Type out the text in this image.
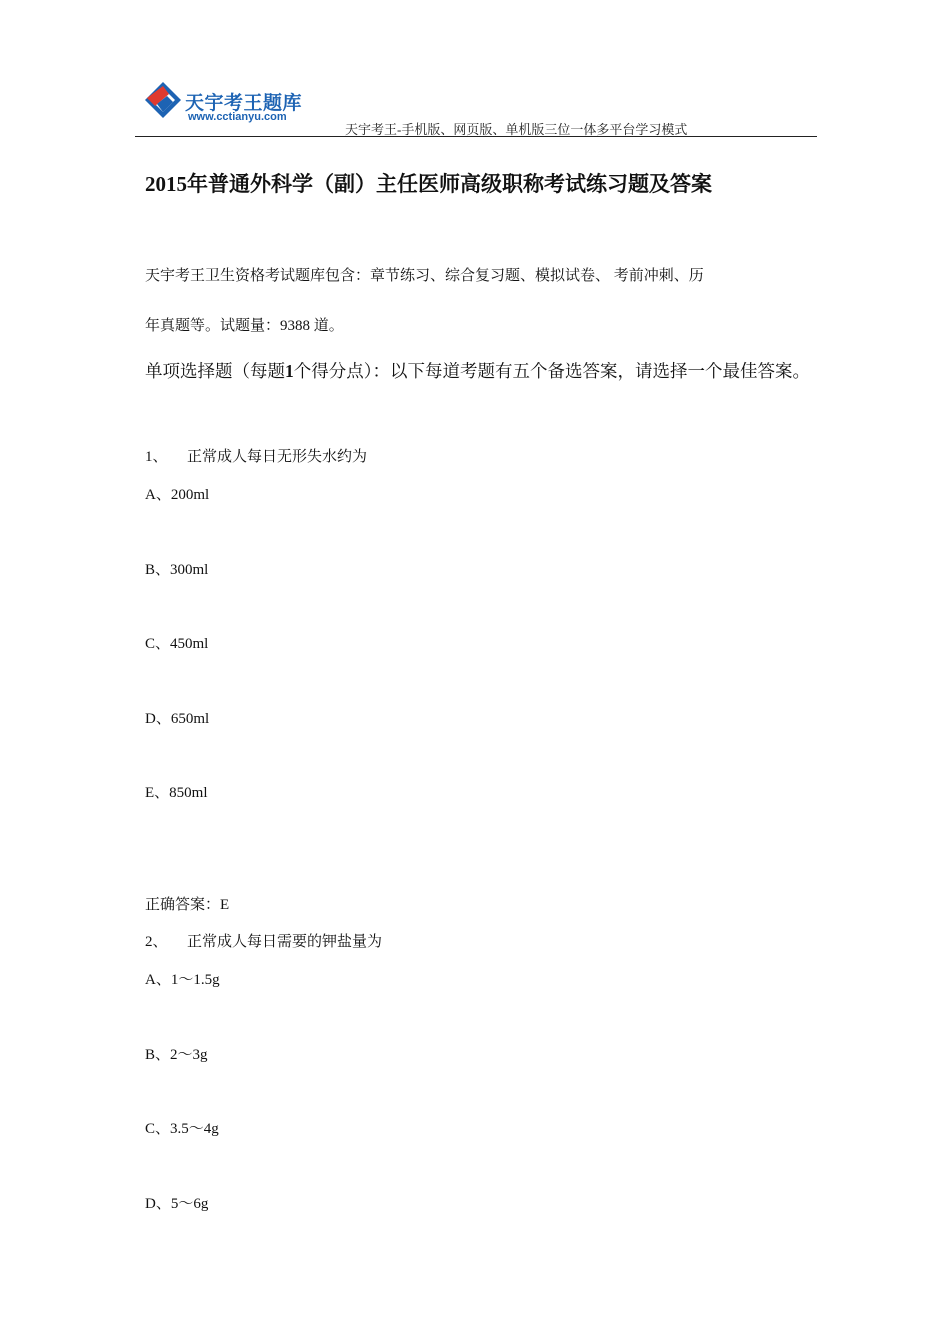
天宇考王题库
www.cctianyu.com
天宇考王-手机版、网页版、单机版三位一体多平台学习模式
2015年普通外科学（副）主任医师高级职称考试练习题及答案
天宇考王卫生资格考试题库包含：章节练习、综合复习题、模拟试卷、 考前冲刺、历
年真题等。试题量：9388 道。
单项选择题（每题1个得分点）：以下每道考题有五个备选答案，请选择一个最佳答案。
1、 正常成人每日无形失水约为
A、200ml
B、300ml
C、450ml
D、650ml
E、850ml
正确答案：E
2、 正常成人每日需要的钾盐量为
A、1～1.5g
B、2～3g
C、3.5～4g
D、5～6g
